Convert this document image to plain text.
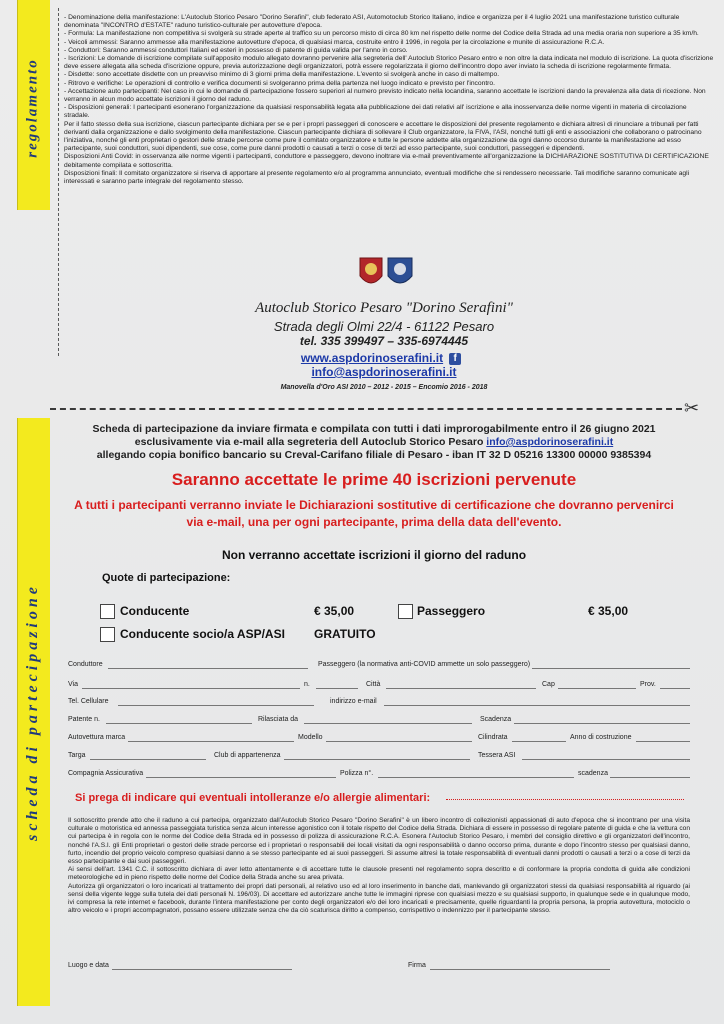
regolamento
scheda di partecipazione

- Denominazione della manifestazione: L'Autoclub Storico Pesaro "Dorino Serafini", club federato ASI, Automotoclub Storico Italiano, indice e organizza per il 4 luglio 2021 una manifestazione turistico culturale denominata "INCONTRO d'ESTATE" raduno turistico-culturale per autovetture d'epoca.

- Formula: La manifestazione non competitiva si svolgerà su strade aperte al traffico su un percorso misto di circa 80 km nel rispetto delle norme del Codice della Strada ad una media oraria non superiore a 35 km/h.

- Veicoli ammessi: Saranno ammesse alla manifestazione autovetture d'epoca, di qualsiasi marca, costruite entro il 1996, in regola per la circolazione e munite di assicurazione R.C.A.

- Conduttori: Saranno ammessi conduttori Italiani ed esteri in possesso di patente di guida valida per l'anno in corso.

- Iscrizioni: Le domande di iscrizione compilate sull'apposito modulo allegato dovranno pervenire alla segreteria dell' Autoclub Storico Pesaro entro e non oltre la data indicata nel modulo di iscrizione. La quota d'iscrizione deve essere allegata alla scheda d'iscrizione oppure, previa autorizzazione degli organizzatori, potrà essere regolarizzata il giorno dell'incontro dopo aver inviato la scheda di iscrizione regolarmente firmata.

- Disdette: sono accettate disdette con un preavviso minimo di 3 giorni prima della manifestazione. L'evento si svolgerà anche in caso di maltempo.

- Ritrovo e verifiche: Le operazioni di controllo e verifica documenti si svolgeranno prima della partenza nel luogo indicato e previsto per l'incontro.

- Accettazione auto partecipanti: Nel caso in cui le domande di partecipazione fossero superiori al numero previsto indicato nella locandina, saranno accettate le iscrizioni dando la prevalenza alla data di ricezione. Non verranno in alcun modo accettate iscrizioni il giorno del raduno.

- Disposizioni generali: I partecipanti esonerano l'organizzazione da qualsiasi responsabilità legata alla pubblicazione dei dati relativi all' iscrizione e alla inosservanza delle norme vigenti in materia di circolazione stradale.

Per il fatto stesso della sua iscrizione, ciascun partecipante dichiara per se e per i propri passeggeri di conoscere e accettare le disposizioni del presente regolamento e dichiara altresì di rinunciare a tribunali per fatti derivanti dalla organizzazione e dallo svolgimento della manifestazione. Ciascun partecipante dichiara di sollevare il Club organizzatore, la FIVA, l'ASI, nonché tutti gli enti e associazioni che collaborano o patrocinano l'iniziativa, nonché gli enti proprietari o gestori delle strade percorse come pure il comitato organizzatore e tutte le persone addette alla organizzazione da ogni danno occorso durante la manifestazione ad esso partecipante, suoi conduttori, suoi dipendenti, sue cose, come pure danni prodotti o causati a terzi o cose di terzi ad esso partecipante, suoi conduttori, passeggeri e dipendenti.

Disposizioni Anti Covid: in osservanza alle norme vigenti i partecipanti, conduttore e passeggero, devono inoltrare via e-mail preventivamente all'organizzazione la DICHIARAZIONE SOSTITUTIVA DI CERTIFICAZIONE debitamente compilata e sottoscritta.

Disposizioni finali: Il comitato organizzatore si riserva di apportare al presente regolamento e/o al programma annunciato, eventuali modifiche che si rendessero necessarie. Tali modifiche saranno comunicate agli interessati e saranno parte integrale del regolamento stesso.

Autoclub Storico Pesaro "Dorino Serafini"
Strada degli Olmi 22/4 - 61122 Pesaro
tel. 335 399497 – 335-6974445
www.aspdorinoserafini.it finfo@aspdorinoserafini.it
Manovella d'Oro ASI 2010 – 2012 - 2015 – Encomio 2016 - 2018
✂
Scheda di partecipazione da inviare firmata e compilata con tutti i dati improrogabilmente entro il 26 giugno 2021
esclusivamente via e-mail alla segreteria dell Autoclub Storico Pesaro info@aspdorinoserafini.it
allegando copia bonifico bancario su Creval-Carifano filiale di Pesaro - iban IT 32 D 05216 13300 00000 9385394
Saranno accettate le prime 40 iscrizioni pervenute
A tutti i partecipanti verranno inviate le Dichiarazioni sostitutive di certificazione che dovranno pervenirci via e-mail, una per ogni partecipante, prima della data dell'evento.
Non verranno accettate iscrizioni il giorno del raduno
Quote di partecipazione:
Conducente	€ 35,00	Passeggero	€ 35,00
Conducente socio/a ASP/ASI GRATUITO
Conduttore	Passeggero (la normativa anti-COVID ammette un solo passeggero)
Via	n.	Città	Cap	Prov.
Tel. Cellulare	indirizzo e-mail
Patente n.	Rilasciata da	Scadenza
Autovettura marca	Modello	Cilindrata	Anno di costruzione
Targa	Club di appartenenza	Tessera ASI
Compagnia Assicurativa	Polizza n°.	scadenza
Si prega di indicare qui eventuali intolleranze e/o allergie alimentari:

Il sottoscritto prende atto che il raduno a cui partecipa, organizzato dall'Autoclub Storico Pesaro "Dorino Serafini" è un libero incontro di collezionisti appassionati di auto d'epoca che si incontrano per una visita culturale o motoristica ed annessa passeggiata turistica senza alcun interesse agonistico con il totale rispetto del Codice della Strada. Dichiara di essere in possesso di regolare patente di guida e che la vettura con cui partecipa è in regola con le norme del Codice della Strada ed in possesso di polizza di assicurazione R.C.A. Esonera l'Autoclub Storico Pesaro, i membri del consiglio direttivo e gli organizzatori dell'incontro, nonché l'A.S.I. gli Enti proprietari o gestori delle strade percorse ed i proprietari o responsabili dei locali visitati da ogni responsabilità o danno occorso prima, durante e dopo l'incontro stesso per qualsiasi danno, furto, incendio del proprio veicolo compreso qualsiasi danno a se stesso partecipante ed ai suoi passeggeri. Si assume altresì la totale responsabilità di eventuali danni prodotti o causati a terzi o a cose di terzi da esso partecipante e dai suoi passeggeri.

Ai sensi dell'art. 1341 C.C. il sottoscritto dichiara di aver letto attentamente e di accettare tutte le clausole presenti nel regolamento sopra descritto e di conformare la propria condotta di guida alle condizioni meteorologiche ed in pieno rispetto delle norme del Codice della Strada anche su area privata.

Autorizza gli organizzatori o loro incaricati al trattamento dei propri dati personali, al relativo uso ed al loro inserimento in banche dati, manlevando gli organizzatori stessi da qualsiasi responsabilità al riguardo (ai sensi della vigente legge sulla tutela dei dati personali N. 196/03). Di accettare ed autorizzare anche tutte le immagini riprese con qualsiasi mezzo e su qualsiasi supporto, in qualunque sede e in qualunque modo, ivi compresa la rete internet e facebook, durante l'intera manifestazione per conto degli organizzatori e/o dei loro incaricati e precisamente, quelle riguardanti la propria persona, la propria autovettura, motociclo o altro veicolo e i propri accompagnatori, possano essere utilizzate senza che da ciò scaturisca diritto a compenso, corrispettivo o indennizzo per il partecipante stesso.

Luogo e data	Firma
